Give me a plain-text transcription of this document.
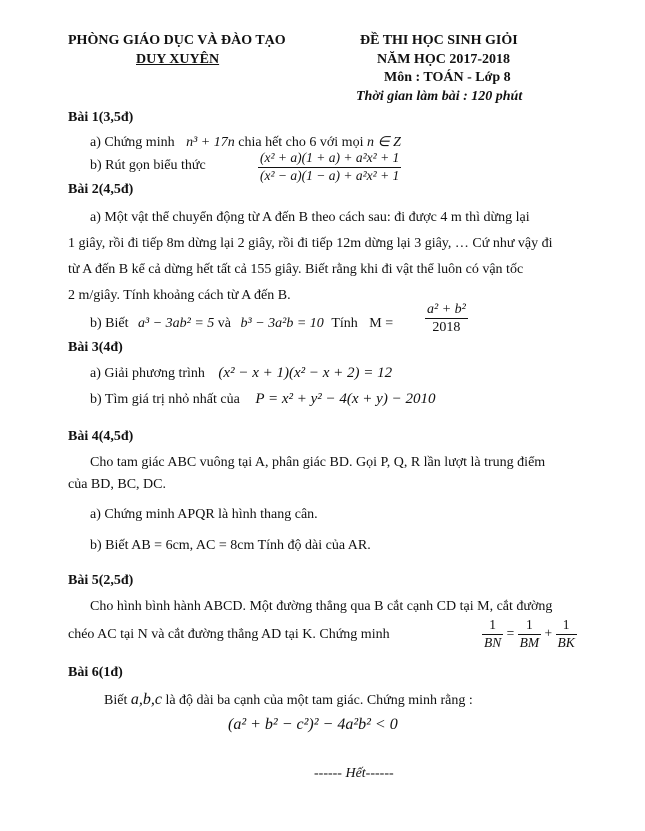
PHÒNG GIÁO DỤC VÀ ĐÀO TẠO
DUY XUYÊN
ĐỀ THI HỌC SINH GIỎI
NĂM HỌC 2017-2018
Môn : TOÁN - Lớp 8
Thời gian làm bài : 120 phút
Bài 1(3,5đ)
a) Chứng minh n³ + 17n chia hết cho 6 với mọi n ∈ Z
b) Rút gọn biểu thức	$\frac{\text{(x² + a)(1 + a) + a²x² + 1}}{\text{(x² − a)(1 − a) + a²x² + 1}}$
Bài 2(4,5đ)
a) Một vật thể chuyển động từ A đến B theo cách sau: đi được 4 m thì dừng lại
1 giây, rồi đi tiếp 8m dừng lại 2 giây, rồi đi tiếp 12m dừng lại 3 giây, … Cứ như vậy đi
từ A đến B kể cả dừng hết tất cả 155 giây. Biết rằng khi đi vật thể luôn có vận tốc
2 m/giây. Tính khoảng cách từ A đến B.
b) Biết a³ − 3ab² = 5 và b³ − 3a²b = 10 Tính $M = \frac{\text{a² + b²}}{2018}$
Bài 3(4đ)
a) Giải phương trình (x² − x + 1)(x² − x + 2) = 12
b) Tìm giá trị nhỏ nhất của P = x² + y² − 4(x + y) − 2010
Bài 4(4,5đ)
Cho tam giác ABC vuông tại A, phân giác BD. Gọi P, Q, R lần lượt là trung điểm
của BD, BC, DC.
a) Chứng minh APQR là hình thang cân.
b) Biết AB = 6cm, AC = 8cm Tính độ dài của AR.
Bài 5(2,5đ)
Cho hình bình hành ABCD. Một đường thẳng qua B cắt cạnh CD tại M, cắt đường
chéo AC tại N và cắt đường thẳng AD tại K. Chứng minh	$\frac{1}{BN} = \frac{1}{BM} + \frac{1}{BK}$
Bài 6(1đ)
Biết a,b,c là độ dài ba cạnh của một tam giác. Chứng minh rằng :
(a² + b² − c²)² − 4a²b² < 0
------ Hết------
